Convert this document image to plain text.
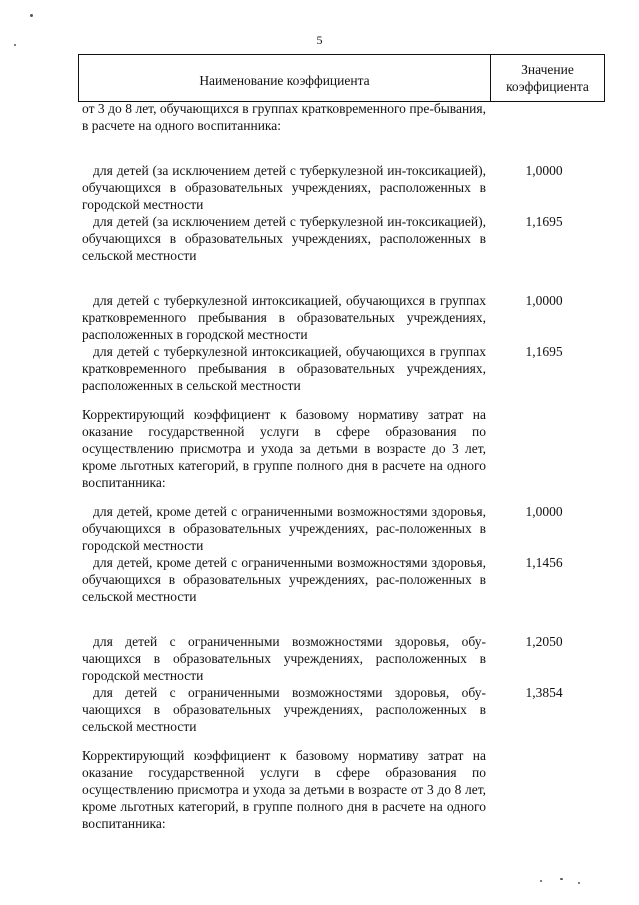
5
Наименование коэффициента
Значение
коэффициента
от 3 до 8 лет, обучающихся в группах кратковременного пре-бывания, в расчете на одного воспитанника:
для детей (за исключением детей с туберкулезной ин-токсикацией), обучающихся в образовательных учреждениях, расположенных в городской местности
1,0000
для детей (за исключением детей с туберкулезной ин-токсикацией), обучающихся в образовательных учреждениях, расположенных в сельской местности
1,1695
для детей с туберкулезной интоксикацией, обучающихся в группах кратковременного пребывания в образовательных учреждениях, расположенных в городской местности
1,0000
для детей с туберкулезной интоксикацией, обучающихся в группах кратковременного пребывания в образовательных учреждениях, расположенных в сельской местности
1,1695
Корректирующий коэффициент к базовому нормативу затрат на оказание государственной услуги в сфере образования по осуществлению присмотра и ухода за детьми в возрасте до 3 лет, кроме льготных категорий, в группе полного дня в расчете на одного воспитанника:
для детей, кроме детей с ограниченными возможностями здоровья, обучающихся в образовательных учреждениях, рас-положенных в городской местности
1,0000
для детей, кроме детей с ограниченными возможностями здоровья, обучающихся в образовательных учреждениях, рас-положенных в сельской местности
1,1456
для детей с ограниченными возможностями здоровья, обу-чающихся в образовательных учреждениях, расположенных в городской местности
1,2050
для детей с ограниченными возможностями здоровья, обу-чающихся в образовательных учреждениях, расположенных в сельской местности
1,3854
Корректирующий коэффициент к базовому нормативу затрат на оказание государственной услуги в сфере образования по осуществлению присмотра и ухода за детьми в возрасте от 3 до 8 лет, кроме льготных категорий, в группе полного дня в расчете на одного воспитанника:
